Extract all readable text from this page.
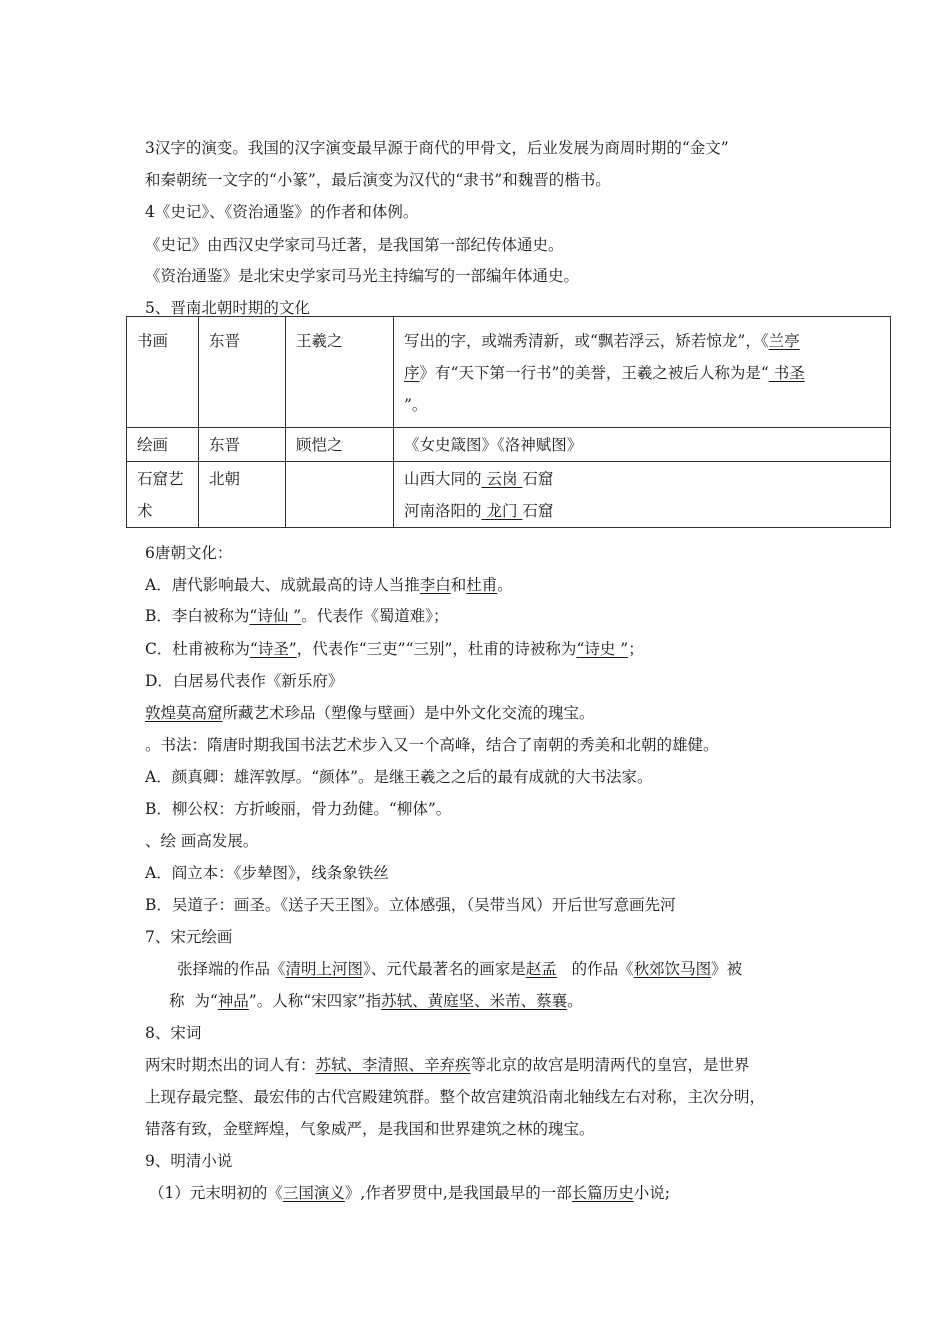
3汉字的演变。我国的汉字演变最早源于商代的甲骨文，后业发展为商周时期的“金文”
和秦朝统一文字的“小篆”，最后演变为汉代的“隶书”和魏晋的楷书。
4《史记》、《资治通鉴》的作者和体例。
《史记》由西汉史学家司马迁著，是我国第一部纪传体通史。
《资治通鉴》是北宋史学家司马光主持编写的一部编年体通史。
5、晋南北朝时期的文化
书画	东晋	王羲之	写出的字，或端秀清新，或“飘若浮云，矫若惊龙”，《兰亭
序》有“天下第一行书”的美誉，王羲之被后人称为是“ 书圣
”。
绘画	东晋	顾恺之	《女史箴图》《洛神赋图》
石窟艺术	北朝		山西大同的 云岗 石窟
河南洛阳的 龙门 石窟
6唐朝文化：
A．唐代影响最大、成就最高的诗人当推李白和杜甫。
B．李白被称为“诗仙 ”。代表作《蜀道难》；
C．杜甫被称为“诗圣”，代表作“三吏”“三别”，杜甫的诗被称为“诗史 ”；
D．白居易代表作《新乐府》
敦煌莫高窟所藏艺术珍品（塑像与壁画）是中外文化交流的瑰宝。
。书法：隋唐时期我国书法艺术步入又一个高峰，结合了南朝的秀美和北朝的雄健。
A．颜真卿：雄浑敦厚。“颜体”。是继王羲之之后的最有成就的大书法家。
B．柳公权：方折峻丽，骨力劲健。“柳体”。
、绘 画高发展。
A．阎立本：《步辇图》，线条象铁丝
B．吴道子：画圣。《送子天王图》。立体感强，（吴带当风）开后世写意画先河
7、宋元绘画
张择端的作品《清明上河图》、元代最著名的画家是赵孟   的作品《秋郊饮马图》被
称  为“神品”。人称“宋四家”指苏轼、黄庭坚、米芾、蔡襄。
8、宋词
两宋时期杰出的词人有：苏轼、李清照、辛弃疾等北京的故宫是明清两代的皇宫，是世界
上现存最完整、最宏伟的古代宫殿建筑群。整个故宫建筑沿南北轴线左右对称，主次分明，
错落有致，金壁辉煌，气象威严，是我国和世界建筑之林的瑰宝。
9、明清小说
（1）元末明初的《三国演义》,作者罗贯中,是我国最早的一部长篇历史小说;
